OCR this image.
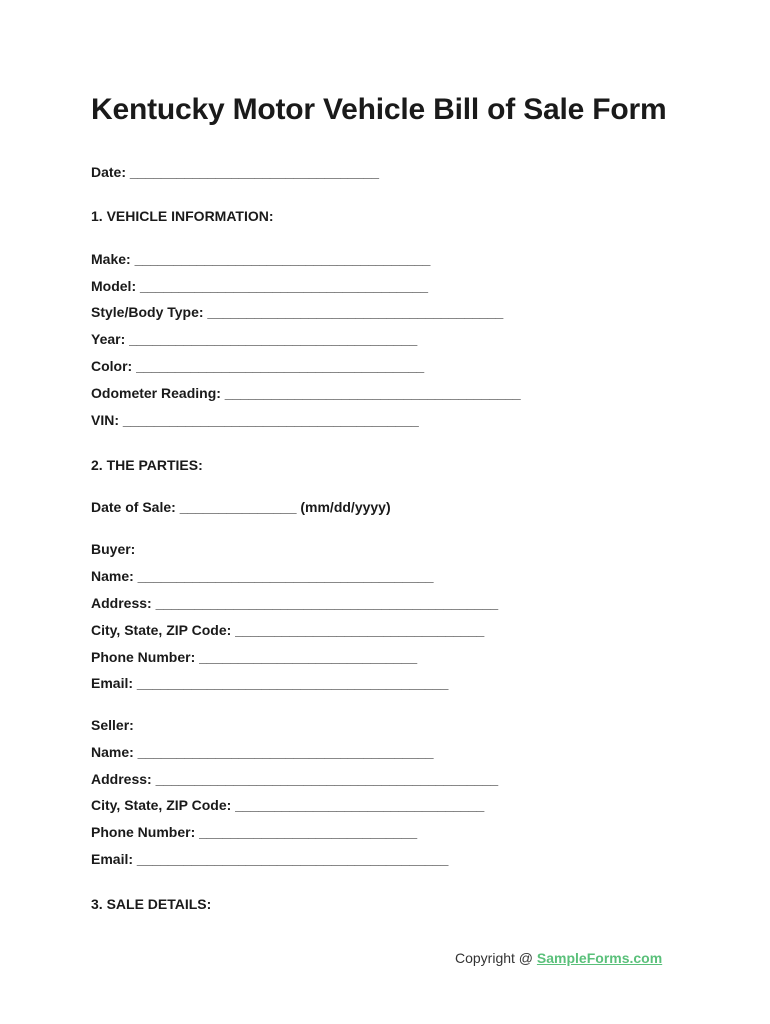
Kentucky Motor Vehicle Bill of Sale Form
Date: ________________________________
1. VEHICLE INFORMATION:
Make: ______________________________________
Model: _____________________________________
Style/Body Type: ______________________________________
Year: _____________________________________
Color: _____________________________________
Odometer Reading: ______________________________________
VIN: ______________________________________
2. THE PARTIES:
Date of Sale: _______________ (mm/dd/yyyy)
Buyer:
Name: ______________________________________
Address: ____________________________________________
City, State, ZIP Code: ________________________________
Phone Number: ____________________________
Email: ________________________________________
Seller:
Name: ______________________________________
Address: ____________________________________________
City, State, ZIP Code: ________________________________
Phone Number: ____________________________
Email: ________________________________________
3. SALE DETAILS:
Copyright @ SampleForms.com
